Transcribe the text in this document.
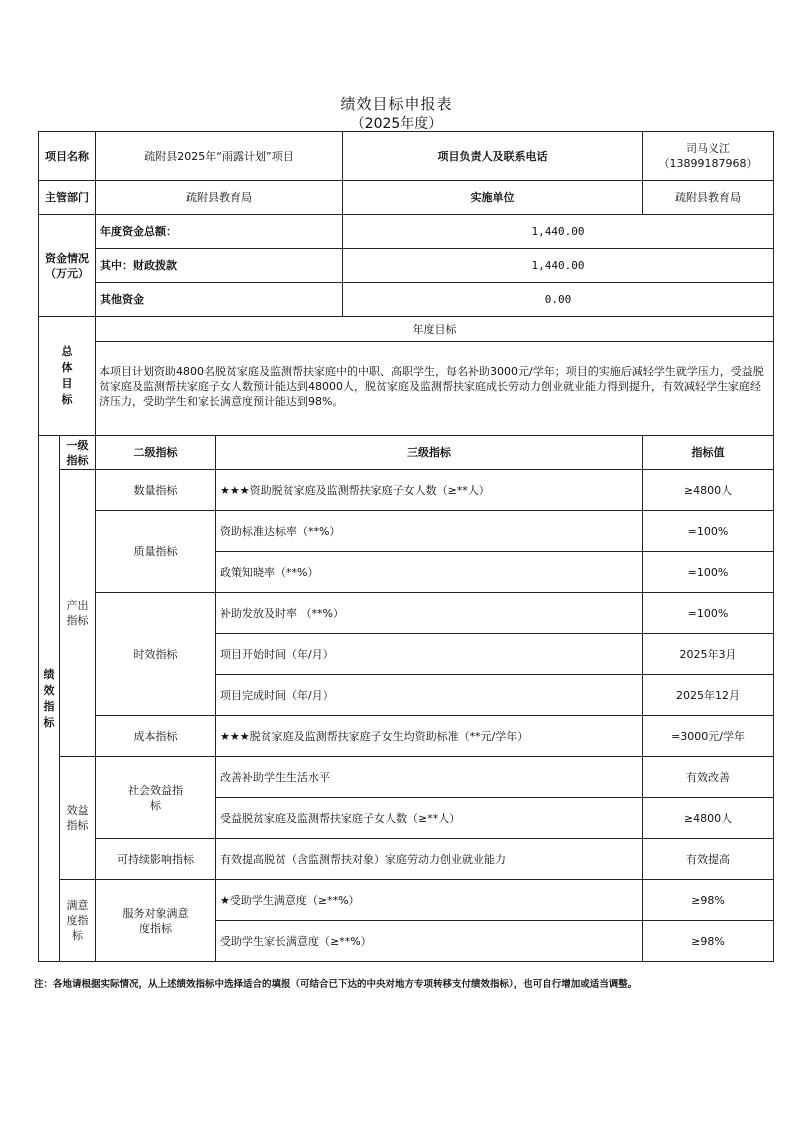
绩效目标申报表
（2025年度）
项目名称		疏附县2025年“雨露计划”项目		项目负责人及联系电话	司马义江
（13899187968）

主管部门		疏附县教育局		实施单位	疏附县教育局
资金情况（万元）		年度资金总额：		1,440.00	
		其中：财政拨款		1,440.00	
		其他资金		0.00	

总体目标		年度目标			
		本项目计划资助4800名脱贫家庭及监测帮扶家庭中的中职、高职学生，每名补助3000元/学年；项目的实施后减轻学生就学压力，受益脱贫家庭及监测帮扶家庭子女人数预计能达到48000人，脱贫家庭及监测帮扶家庭成长劳动力创业就业能力得到提升，有效减轻学生家庭经济压力，受助学生和家长满意度预计能达到98%。			

绩效指标	一级指标	二级指标	三级指标		指标值

	产出指标	数量指标	★★★资助脱贫家庭及监测帮扶家庭子女人数（≥**人）		≥4800人
		质量指标	资助标准达标率（**%）		=100%
			政策知晓率（**%）		=100%
		时效指标	补助发放及时率 （**%）		=100%
			项目开始时间（年/月）		2025年3月
			项目完成时间（年/月）		2025年12月
		成本指标	★★★脱贫家庭及监测帮扶家庭子女生均资助标准（**元/学年）		=3000元/学年

	效益指标	社会效益指标	改善补助学生生活水平		有效改善
			受益脱贫家庭及监测帮扶家庭子女人数（≥**人）		≥4800人
		可持续影响指标	有效提高脱贫（含监测帮扶对象）家庭劳动力创业就业能力		有效提高

	满意度指标	服务对象满意度指标	★受助学生满意度（≥**%）		≥98%
			受助学生家长满意度（≥**%）		≥98%
注：各地请根据实际情况，从上述绩效指标中选择适合的填报（可结合已下达的中央对地方专项转移支付绩效指标），也可自行增加或适当调整。
